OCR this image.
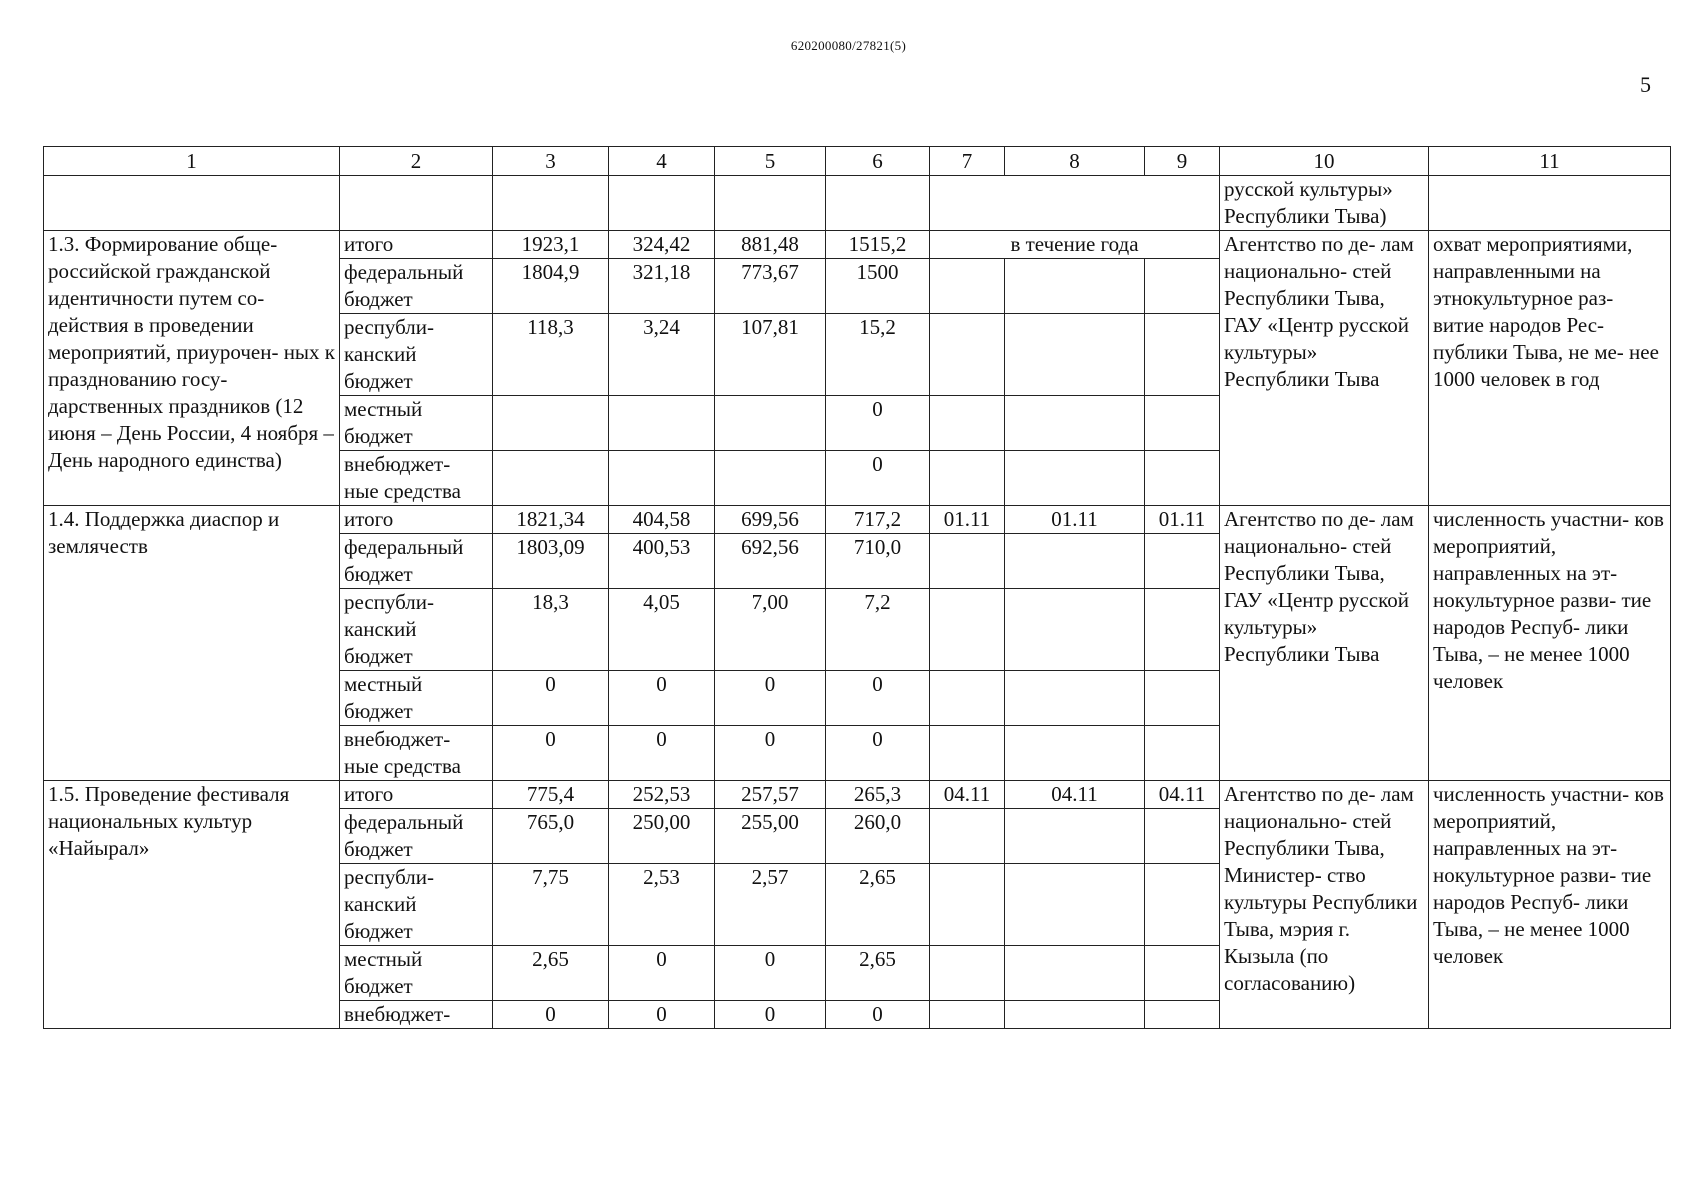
620200080/27821(5)
5
1	2	3	4	5	6	7	8	9	10	11
									русской культуры» Республики Тыва)	
1.3. Формирование обще- российской гражданской идентичности путем со- действия в проведении мероприятий, приурочен- ных к празднованию госу- дарственных праздников (12 июня – День России, 4 ноября – День народного единства)	итого	1923,1	324,42	881,48	1515,2	в течение года			Агентство по де- лам национально- стей Республики Тыва, ГАУ «Центр русской культуры» Республики Тыва	охват мероприятиями, направленными на этнокультурное раз- витие народов Рес- публики Тыва, не ме- нее 1000 человек в год
	федеральный бюджет	1804,9	321,18	773,67	1500					
	республи- канский бюджет	118,3	3,24	107,81	15,2					
	местный бюджет				0					
	внебюджет- ные средства				0					
1.4. Поддержка диаспор и землячеств	итого	1821,34	404,58	699,56	717,2	01.11	01.11	01.11	Агентство по де- лам национально- стей Республики Тыва, ГАУ «Центр русской культуры» Республики Тыва	численность участни- ков мероприятий, направленных на эт- нокультурное разви- тие народов Респуб- лики Тыва, – не менее 1000 человек
	федеральный бюджет	1803,09	400,53	692,56	710,0					
	республи- канский бюджет	18,3	4,05	7,00	7,2					
	местный бюджет	0	0	0	0					
	внебюджет- ные средства	0	0	0	0					
1.5. Проведение фестиваля национальных культур «Найырал»	итого	775,4	252,53	257,57	265,3	04.11	04.11	04.11	Агентство по де- лам национально- стей Республики Тыва, Министер- ство культуры Республики Тыва, мэрия г. Кызыла (по согласованию)	численность участни- ков мероприятий, направленных на эт- нокультурное разви- тие народов Респуб- лики Тыва, – не менее 1000 человек
	федеральный бюджет	765,0	250,00	255,00	260,0					
	республи- канский бюджет	7,75	2,53	2,57	2,65					
	местный бюджет	2,65	0	0	2,65					
	внебюджет-	0	0	0	0					
